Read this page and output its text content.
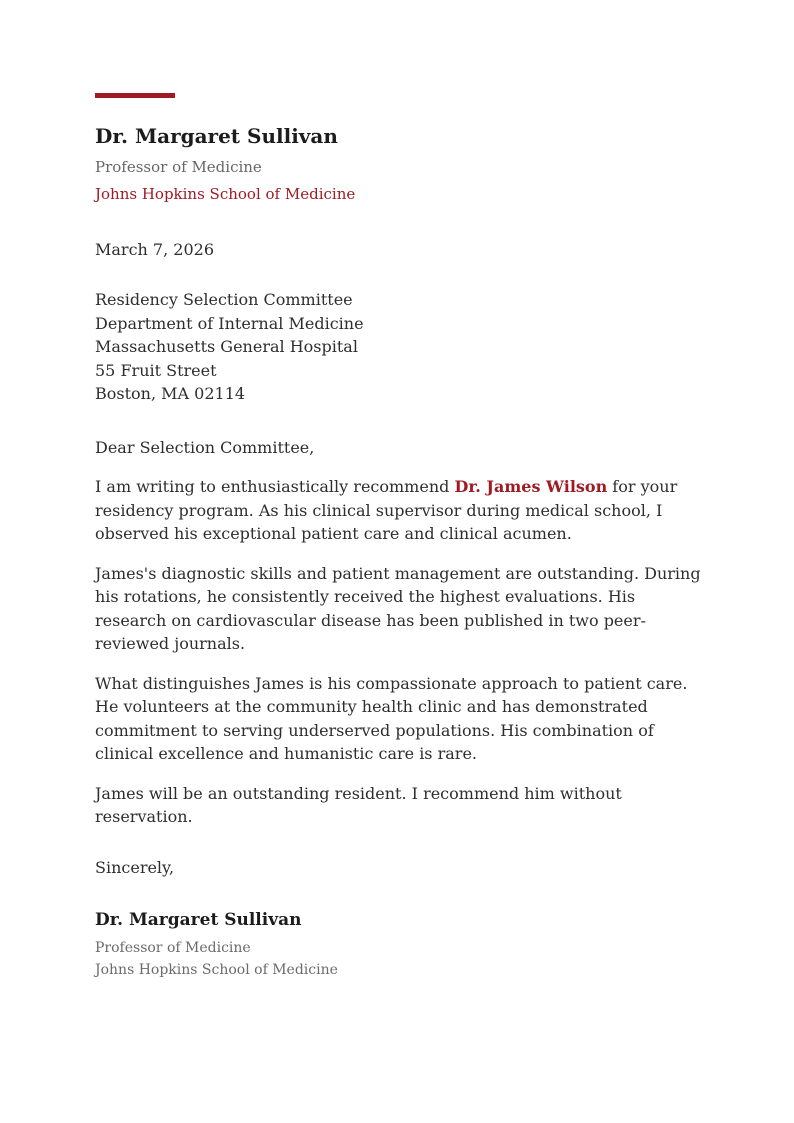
Dr. Margaret Sullivan
Professor of Medicine
Johns Hopkins School of Medicine
March 7, 2026
Residency Selection Committee
Department of Internal Medicine
Massachusetts General Hospital
55 Fruit Street
Boston, MA 02114
Dear Selection Committee,

I am writing to enthusiastically recommend Dr. James Wilson for your residency program. As his clinical supervisor during medical school, I observed his exceptional patient care and clinical acumen.

James's diagnostic skills and patient management are outstanding. During his rotations, he consistently received the highest evaluations. His research on cardiovascular disease has been published in two peer-reviewed journals.

What distinguishes James is his compassionate approach to patient care. He volunteers at the community health clinic and has demonstrated commitment to serving underserved populations. His combination of clinical excellence and humanistic care is rare.

James will be an outstanding resident. I recommend him without reservation.

Sincerely,
Dr. Margaret Sullivan
Professor of Medicine
Johns Hopkins School of Medicine
